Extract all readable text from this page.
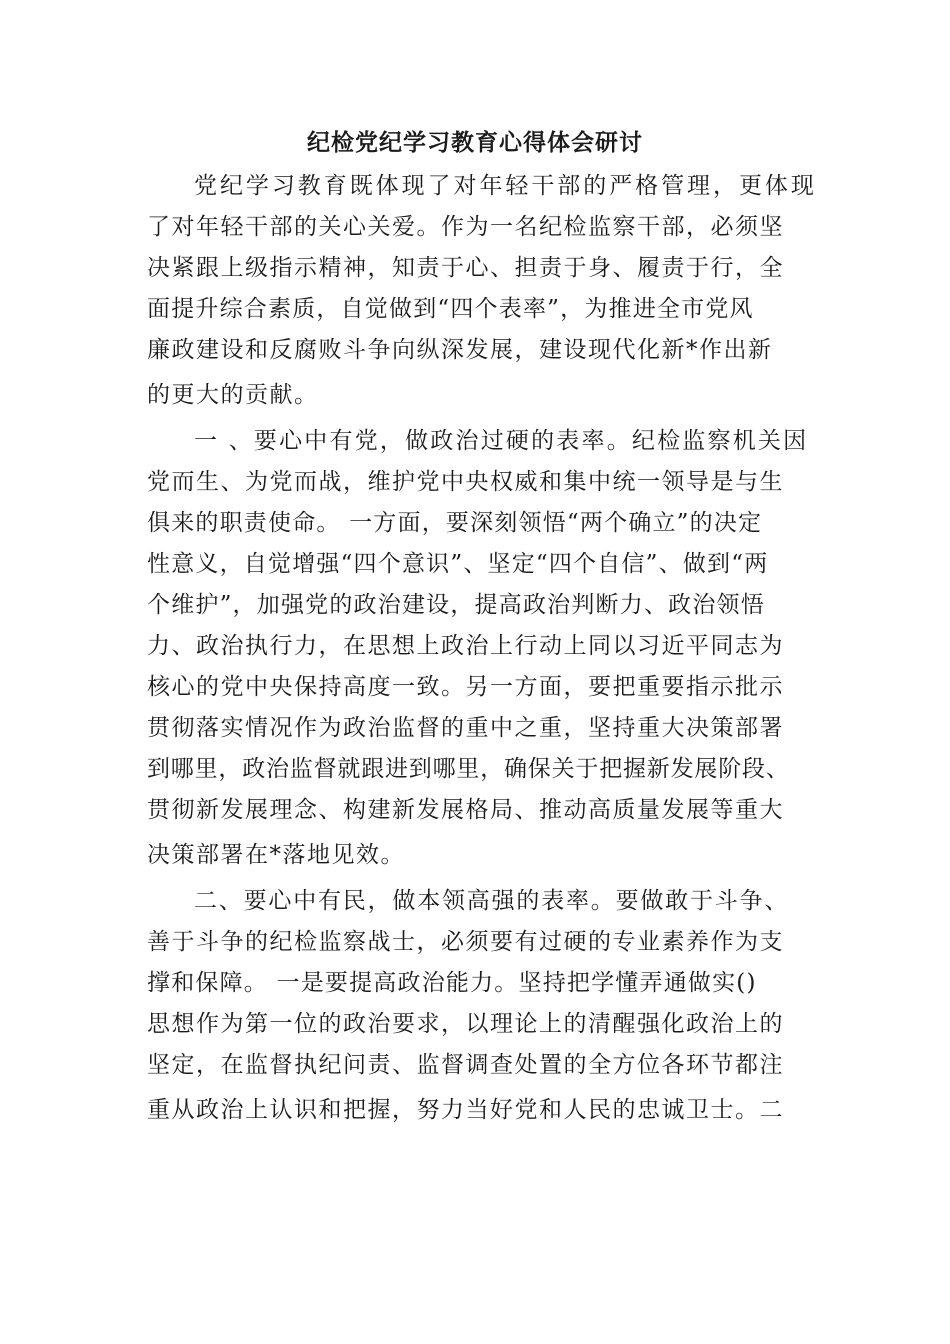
纪检党纪学习教育心得体会研讨
党纪学习教育既体现了对年轻干部的严格管理，更体现
了对年轻干部的关心关爱。作为一名纪检监察干部，必须坚
决紧跟上级指示精神，知责于心、担责于身、履责于行，全
面提升综合素质，自觉做到“四个表率”，为推进全市党风
廉政建设和反腐败斗争向纵深发展，建设现代化新*作出新
的更大的贡献。
一 、要心中有党，做政治过硬的表率。纪检监察机关因
党而生、为党而战，维护党中央权威和集中统一领导是与生
俱来的职责使命。 一方面，要深刻领悟“两个确立”的决定
性意义，自觉增强“四个意识”、坚定“四个自信”、做到“两
个维护”，加强党的政治建设，提高政治判断力、政治领悟
力、政治执行力，在思想上政治上行动上同以习近平同志为
核心的党中央保持高度一致。另一方面，要把重要指示批示
贯彻落实情况作为政治监督的重中之重，坚持重大决策部署
到哪里，政治监督就跟进到哪里，确保关于把握新发展阶段、
贯彻新发展理念、构建新发展格局、推动高质量发展等重大
决策部署在*落地见效。
二、要心中有民，做本领高强的表率。要做敢于斗争、
善于斗争的纪检监察战士，必须要有过硬的专业素养作为支
撑和保障。 一是要提高政治能力。坚持把学懂弄通做实()
思想作为第一位的政治要求，以理论上的清醒强化政治上的
坚定，在监督执纪问责、监督调查处置的全方位各环节都注
重从政治上认识和把握，努力当好党和人民的忠诚卫士。二
